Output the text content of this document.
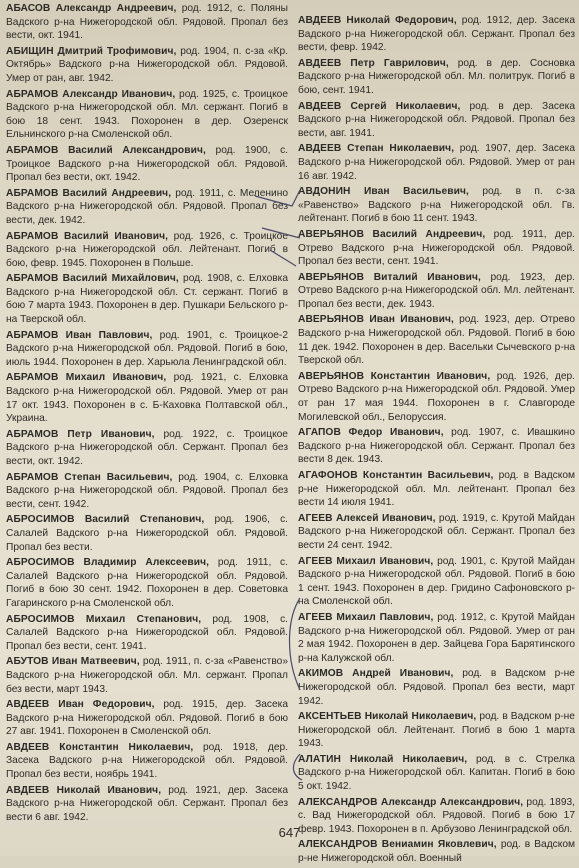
АБАСОВ Александр Андреевич, род. 1912, с. Поляны Вадского р-на Нижегородской обл. Рядовой. Пропал без вести, окт. 1941.
АБИЩИН Дмитрий Трофимович, род. 1904, п. с-за «Кр. Октябрь» Вадского р-на Нижегородской обл. Рядовой. Умер от ран, авг. 1942.
АБРАМОВ Александр Иванович, род. 1925, с. Троицкое Вадского р-на Нижегородской обл. Мл. сержант. Погиб в бою 18 сент. 1943. Похоронен в дер. Озеренск Ельнинского р-на Смоленской обл.
АБРАМОВ Василий Александрович, род. 1900, с. Троицкое Вадского р-на Нижегородской обл. Рядовой. Пропал без вести, окт. 1942.
АБРАМОВ Василий Андреевич, род. 1911, с. Меленино Вадского р-на Нижегородской обл. Рядовой. Пропал без вести, дек. 1942.
АБРАМОВ Василий Иванович, род. 1926, с. Троицкое Вадского р-на Нижегородской обл. Лейтенант. Погиб в бою, февр. 1945. Похоронен в Польше.
АБРАМОВ Василий Михайлович, род. 1908, с. Елховка Вадского р-на Нижегородской обл. Ст. сержант. Погиб в бою 7 марта 1943. Похоронен в дер. Пушкари Бельского р-на Тверской обл.
АБРАМОВ Иван Павлович, род. 1901, с. Троицкое-2 Вадского р-на Нижегородской обл. Рядовой. Погиб в бою, июль 1944. Похоронен в дер. Харьюла Ленинградской обл.
АБРАМОВ Михаил Иванович, род. 1921, с. Елховка Вадского р-на Нижегородской обл. Рядовой. Умер от ран 17 окт. 1943. Похоронен в с. Б-Каховка Полтавской обл., Украина.
АБРАМОВ Петр Иванович, род. 1922, с. Троицкое Вадского р-на Нижегородской обл. Сержант. Пропал без вести, окт. 1942.
АБРАМОВ Степан Васильевич, род. 1904, с. Елховка Вадского р-на Нижегородской обл. Рядовой. Пропал без вести, сент. 1942.
АБРОСИМОВ Василий Степанович, род. 1906, с. Салалей Вадского р-на Нижегородской обл. Рядовой. Пропал без вести.
АБРОСИМОВ Владимир Алексеевич, род. 1911, с. Салалей Вадского р-на Нижегородской обл. Рядовой. Погиб в бою 30 сент. 1942. Похоронен в дер. Советовка Гагаринского р-на Смоленской обл.
АБРОСИМОВ Михаил Степанович, род. 1908, с. Салалей Вадского р-на Нижегородской обл. Рядовой. Пропал без вести, сент. 1941.
АБУТОВ Иван Матвеевич, род. 1911, п. с-за «Равенство» Вадского р-на Нижегородской обл. Мл. сержант. Пропал без вести, март 1943.
АВДЕЕВ Иван Федорович, род. 1915, дер. Засека Вадского р-на Нижегородской обл. Рядовой. Погиб в бою 27 авг. 1941. Похоронен в Смоленской обл.
АВДЕЕВ Константин Николаевич, род. 1918, дер. Засека Вадского р-на Нижегородской обл. Рядовой. Пропал без вести, ноябрь 1941.
АВДЕЕВ Николай Иванович, род. 1921, дер. Засека Вадского р-на Нижегородской обл. Сержант. Пропал без вести 6 авг. 1942.
АВДЕЕВ Николай Федорович, род. 1912, дер. Засека Вадского р-на Нижегородской обл. Сержант. Пропал без вести, февр. 1942.
АВДЕЕВ Петр Гаврилович, род. в дер. Сосновка Вадского р-на Нижегородской обл. Мл. политрук. Погиб в бою, сент. 1941.
АВДЕЕВ Сергей Николаевич, род. в дер. Засека Вадского р-на Нижегородской обл. Рядовой. Пропал без вести, авг. 1941.
АВДЕЕВ Степан Николаевич, род. 1907, дер. Засека Вадского р-на Нижегородской обл. Рядовой. Умер от ран 16 авг. 1942.
АВДОНИН Иван Васильевич, род. в п. с-за «Равенство» Вадского р-на Нижегородской обл. Гв. лейтенант. Погиб в бою 11 сент. 1943.
АВЕРЬЯНОВ Василий Андреевич, род. 1911, дер. Отрево Вадского р-на Нижегородской обл. Рядовой. Пропал без вести, сент. 1941.
АВЕРЬЯНОВ Виталий Иванович, род. 1923, дер. Отрево Вадского р-на Нижегородской обл. Мл. лейтенант. Пропал без вести, дек. 1943.
АВЕРЬЯНОВ Иван Иванович, род. 1923, дер. Отрево Вадского р-на Нижегородской обл. Рядовой. Погиб в бою 11 дек. 1942. Похоронен в дер. Васельки Сычевского р-на Тверской обл.
АВЕРЬЯНОВ Константин Иванович, род. 1926, дер. Отрево Вадского р-на Нижегородской обл. Рядовой. Умер от ран 17 мая 1944. Похоронен в г. Славгороде Могилевской обл., Белоруссия.
АГАПОВ Федор Иванович, род. 1907, с. Ивашкино Вадского р-на Нижегородской обл. Сержант. Пропал без вести 8 дек. 1943.
АГАФОНОВ Константин Васильевич, род. в Вадском р-не Нижегородской обл. Мл. лейтенант. Пропал без вести 14 июля 1941.
АГЕЕВ Алексей Иванович, род. 1919, с. Крутой Майдан Вадского р-на Нижегородской обл. Сержант. Пропал без вести 24 сент. 1942.
АГЕЕВ Михаил Иванович, род. 1901, с. Крутой Майдан Вадского р-на Нижегородской обл. Рядовой. Погиб в бою 1 сент. 1943. Похоронен в дер. Гридино Сафоновского р-на Смоленской обл.
АГЕЕВ Михаил Павлович, род. 1912, с. Крутой Майдан Вадского р-на Нижегородской обл. Рядовой. Умер от ран 2 мая 1942. Похоронен в дер. Зайцева Гора Барятинского р-на Калужской обл.
АКИМОВ Андрей Иванович, род. в Вадском р-не Нижегородской обл. Рядовой. Пропал без вести, март 1942.
АКСЕНТЬЕВ Николай Николаевич, род. в Вадском р-не Нижегородской обл. Лейтенант. Погиб в бою 1 марта 1943.
АЛАТИН Николай Николаевич, род. в с. Стрелка Вадского р-на Нижегородской обл. Капитан. Погиб в бою 5 окт. 1942.
АЛЕКСАНДРОВ Александр Александрович, род. 1893, с. Вад Нижегородской обл. Рядовой. Погиб в бою 17 февр. 1943. Похоронен в п. Арбузово Ленинградской обл.
АЛЕКСАНДРОВ Вениамин Яковлевич, род. в Вадском р-не Нижегородской обл. Военный
647
